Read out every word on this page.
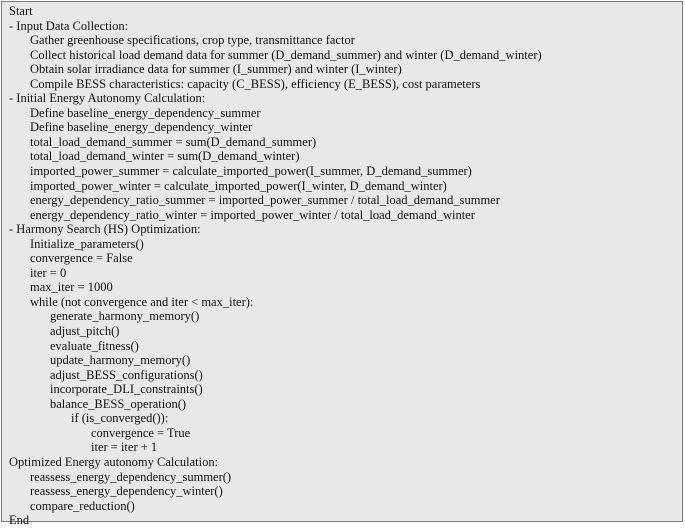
Start
- Input Data Collection:
Gather greenhouse specifications, crop type, transmittance factor
Collect historical load demand data for summer (D_demand_summer) and winter (D_demand_winter)
Obtain solar irradiance data for summer (I_summer) and winter (I_winter)
Compile BESS characteristics: capacity (C_BESS), efficiency (E_BESS), cost parameters
- Initial Energy Autonomy Calculation:
Define baseline_energy_dependency_summer
Define baseline_energy_dependency_winter
total_load_demand_summer = sum(D_demand_summer)
total_load_demand_winter = sum(D_demand_winter)
imported_power_summer = calculate_imported_power(I_summer, D_demand_summer)
imported_power_winter = calculate_imported_power(I_winter, D_demand_winter)
energy_dependency_ratio_summer = imported_power_summer / total_load_demand_summer
energy_dependency_ratio_winter = imported_power_winter / total_load_demand_winter
- Harmony Search (HS) Optimization:
Initialize_parameters()
convergence = False
iter = 0
max_iter = 1000
while (not convergence and iter < max_iter):
generate_harmony_memory()
adjust_pitch()
evaluate_fitness()
update_harmony_memory()
adjust_BESS_configurations()
incorporate_DLI_constraints()
balance_BESS_operation()
if (is_converged()):
convergence = True
iter = iter + 1
Optimized Energy autonomy Calculation:
reassess_energy_dependency_summer()
reassess_energy_dependency_winter()
compare_reduction()
End
